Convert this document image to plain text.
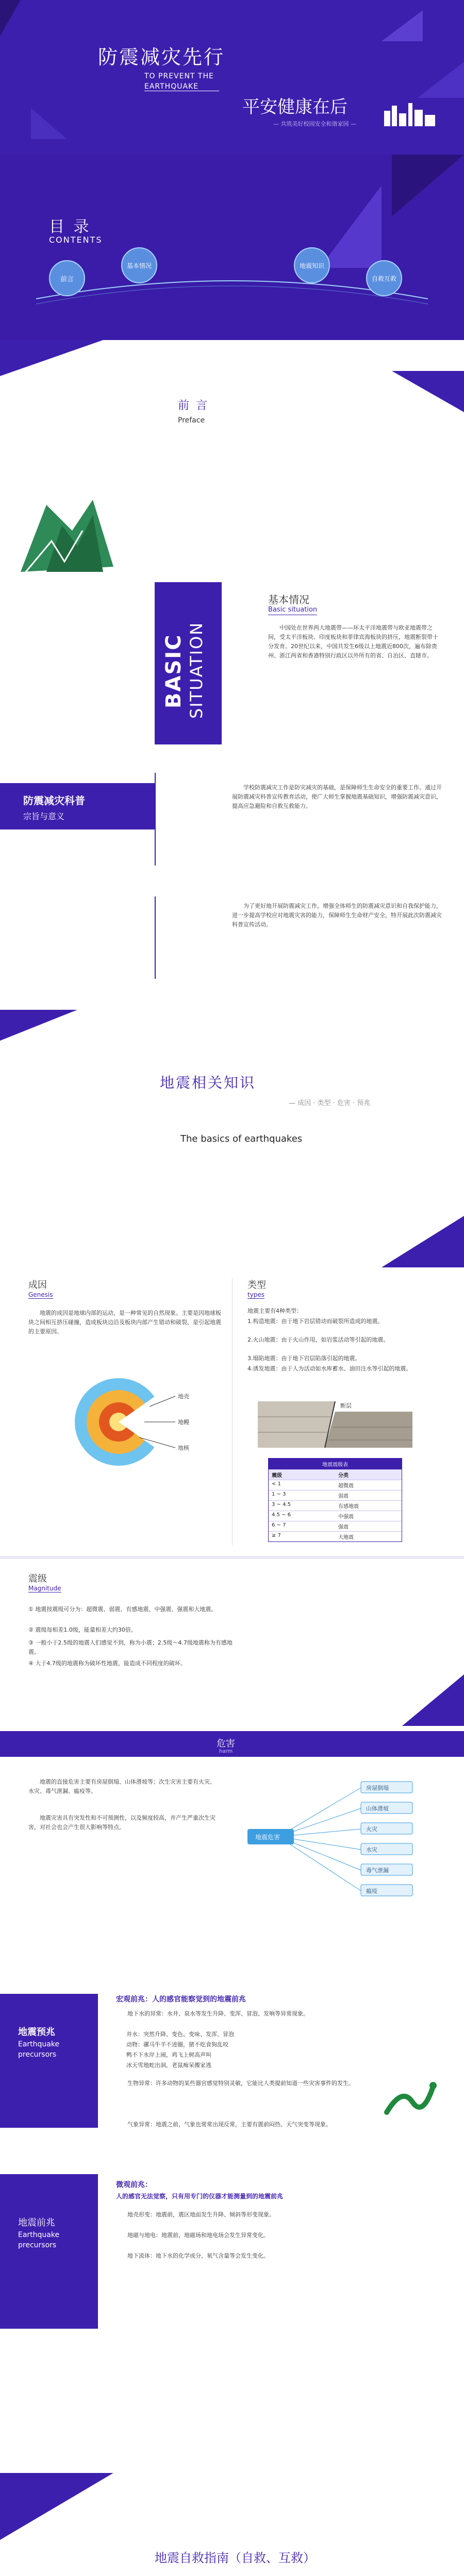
防震减灾先行
TO PREVENT THE
EARTHQUAKE
平安健康在后
— 共筑美好校园安全和谐家园 —
目 录
CONTENTS
前言
基本情况	地震知识
自救互救
前 言
Preface
BASIC SITUATION
基本情况
Basic situation
中国处在世界两大地震带——环太平洋地震带与欧亚地震带之间，受太平洋板块、印度板块和菲律宾海板块的挤压，地震断裂带十分发育。20世纪以来，中国共发生6级以上地震近800次，遍布除贵州、浙江两省和香港特别行政区以外所有的省、自治区、直辖市。
防震减灾科普
宗旨与意义
学校防震减灾工作是防灾减灾的基础，是保障师生生命安全的重要工作。通过开展防震减灾科普宣传教育活动，使广大师生掌握地震基础知识，增强防震减灾意识，提高应急避险和自救互救能力。
为了更好地开展防震减灾工作，增强全体师生的防震减灾意识和自我保护能力，进一步提高学校应对地震灾害的能力，保障师生生命财产安全，特开展此次防震减灾科普宣传活动。
地震相关知识
— 成因 · 类型 · 危害 · 预兆
The basics of earthquakes
成因
Genesis
地震的成因是地球内部的运动，是一种常见的自然现象。主要是因地球板块之间相互挤压碰撞，造成板块边沿及板块内部产生错动和破裂，是引起地震的主要原因。
地壳
地幔
地核
类型
types
地震主要有4种类型：
1.构造地震：由于地下岩层错动而破裂所造成的地震。
2.火山地震：由于火山作用，如岩浆活动等引起的地震。
3.塌陷地震：由于地下岩层陷落引起的地震。
4.诱发地震：由于人为活动如水库蓄水、油田注水等引起的地震。
断层
地震震级表
震级	分类
< 1	超微震
1 ~ 3	弱震
3 ~ 4.5	有感地震
4.5 ~ 6	中强震
6 ~ 7	强震
≥ 7	大地震
震级
Magnitude
① 地震按震级可分为：超微震、弱震、有感地震、中强震、强震和大地震。
② 震级每相差1.0级，能量相差大约30倍。
③ 一般小于2.5级的地震人们感觉不到，称为小震；2.5级～4.7级地震称为有感地震。
④ 大于4.7级的地震称为破坏性地震，能造成不同程度的破坏。
危害
harm
地震的直接危害主要有房屋倒塌、山体滑坡等；次生灾害主要有火灾、水灾、毒气泄漏、瘟疫等。
地震灾害具有突发性和不可预测性，以及频度较高，并产生严重次生灾害，对社会也会产生很大影响等特点。
地震危害
房屋倒塌
山体滑坡
火灾
水灾
毒气泄漏
瘟疫
地震预兆
Earthquake
precursors
地震前兆
Earthquake
precursors
宏观前兆：人的感官能察觉到的地震前兆
地下水的异常：水井、泉水等发生升降、变浑、冒泡、发响等异常现象。
井水：突然升降、变色、变味、发浑、冒泡
动物：骡马牛羊不进圈，猪不吃食狗乱咬
鸭不下水岸上闹，鸡飞上树高声叫
冰天雪地蛇出洞，老鼠痴呆搬家逃
生物异常：许多动物的某些器官感觉特别灵敏，它能比人类提前知道一些灾害事件的发生。
气象异常：地震之前，气象也常常出现反常，主要有震前闷热、天气突变等现象。
微观前兆：
人的感官无法觉察，只有用专门的仪器才能测量到的地震前兆
地壳形变：地震前，震区地面发生升降、倾斜等形变现象。
地磁与地电：地震前，地磁场和地电场会发生异常变化。
地下流体：地下水的化学成分、氡气含量等会发生变化。
地震自救指南（自救、互救）
